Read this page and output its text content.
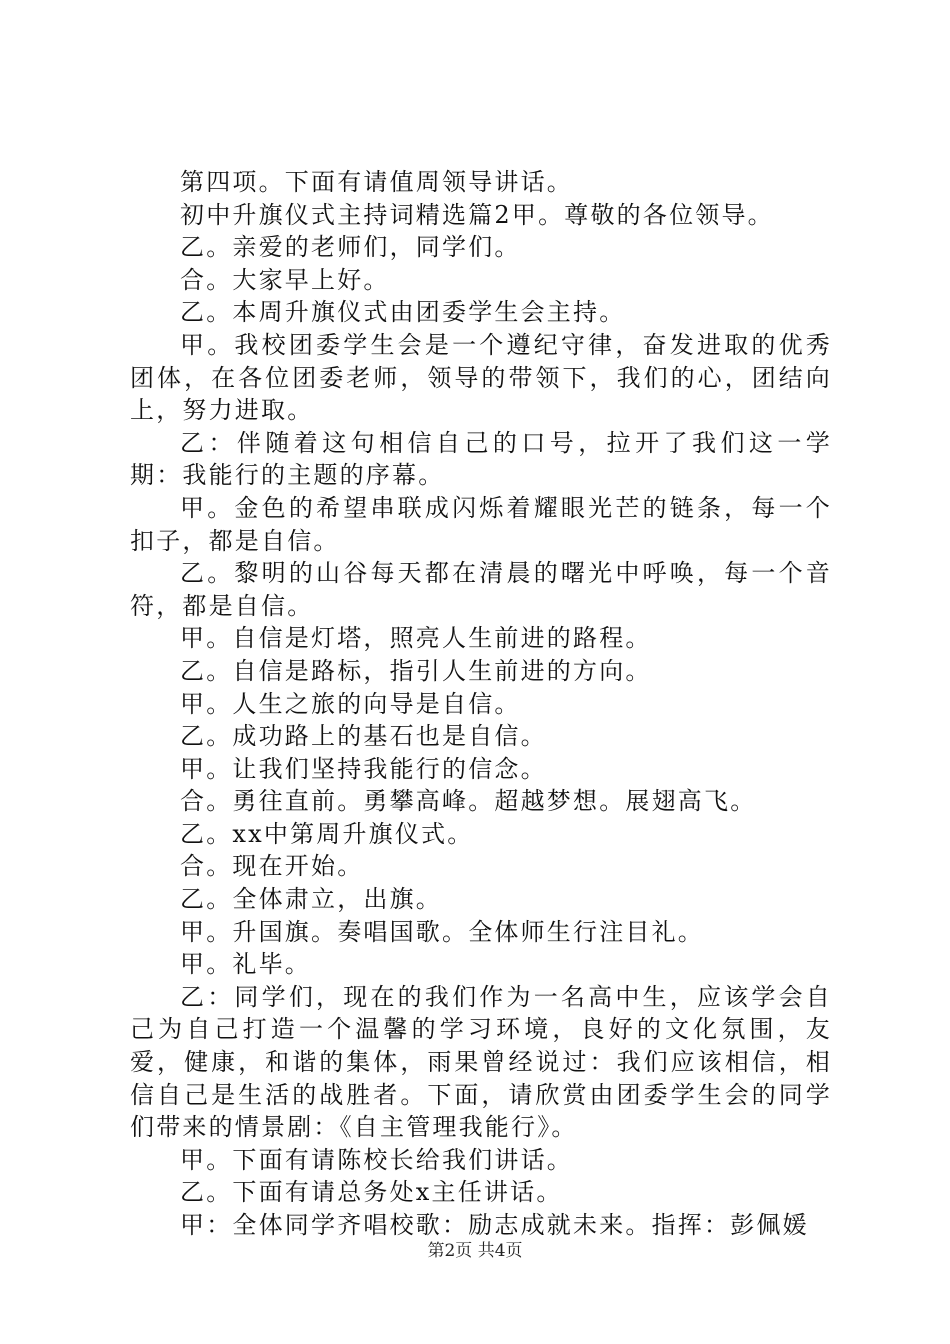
第四项。下面有请值周领导讲话。

初中升旗仪式主持词精选篇2甲。尊敬的各位领导。

乙。亲爱的老师们，同学们。

合。大家早上好。

乙。本周升旗仪式由团委学生会主持。

甲。我校团委学生会是一个遵纪守律，奋发进取的优秀团体，在各位团委老师，领导的带领下，我们的心，团结向上，努力进取。

乙：伴随着这句相信自己的口号，拉开了我们这一学期：我能行的主题的序幕。

甲。金色的希望串联成闪烁着耀眼光芒的链条，每一个扣子，都是自信。

乙。黎明的山谷每天都在清晨的曙光中呼唤，每一个音符，都是自信。

甲。自信是灯塔，照亮人生前进的路程。

乙。自信是路标，指引人生前进的方向。

甲。人生之旅的向导是自信。

乙。成功路上的基石也是自信。

甲。让我们坚持我能行的信念。

合。勇往直前。勇攀高峰。超越梦想。展翅高飞。

乙。xx中第周升旗仪式。

合。现在开始。

乙。全体肃立，出旗。

甲。升国旗。奏唱国歌。全体师生行注目礼。

甲。礼毕。

乙：同学们，现在的我们作为一名高中生，应该学会自己为自己打造一个温馨的学习环境，良好的文化氛围，友爱，健康，和谐的集体，雨果曾经说过：我们应该相信，相信自己是生活的战胜者。下面，请欣赏由团委学生会的同学们带来的情景剧：《自主管理我能行》。

甲。下面有请陈校长给我们讲话。

乙。下面有请总务处x主任讲话。

甲：全体同学齐唱校歌：励志成就未来。指挥：彭佩媛

第2页 共4页
